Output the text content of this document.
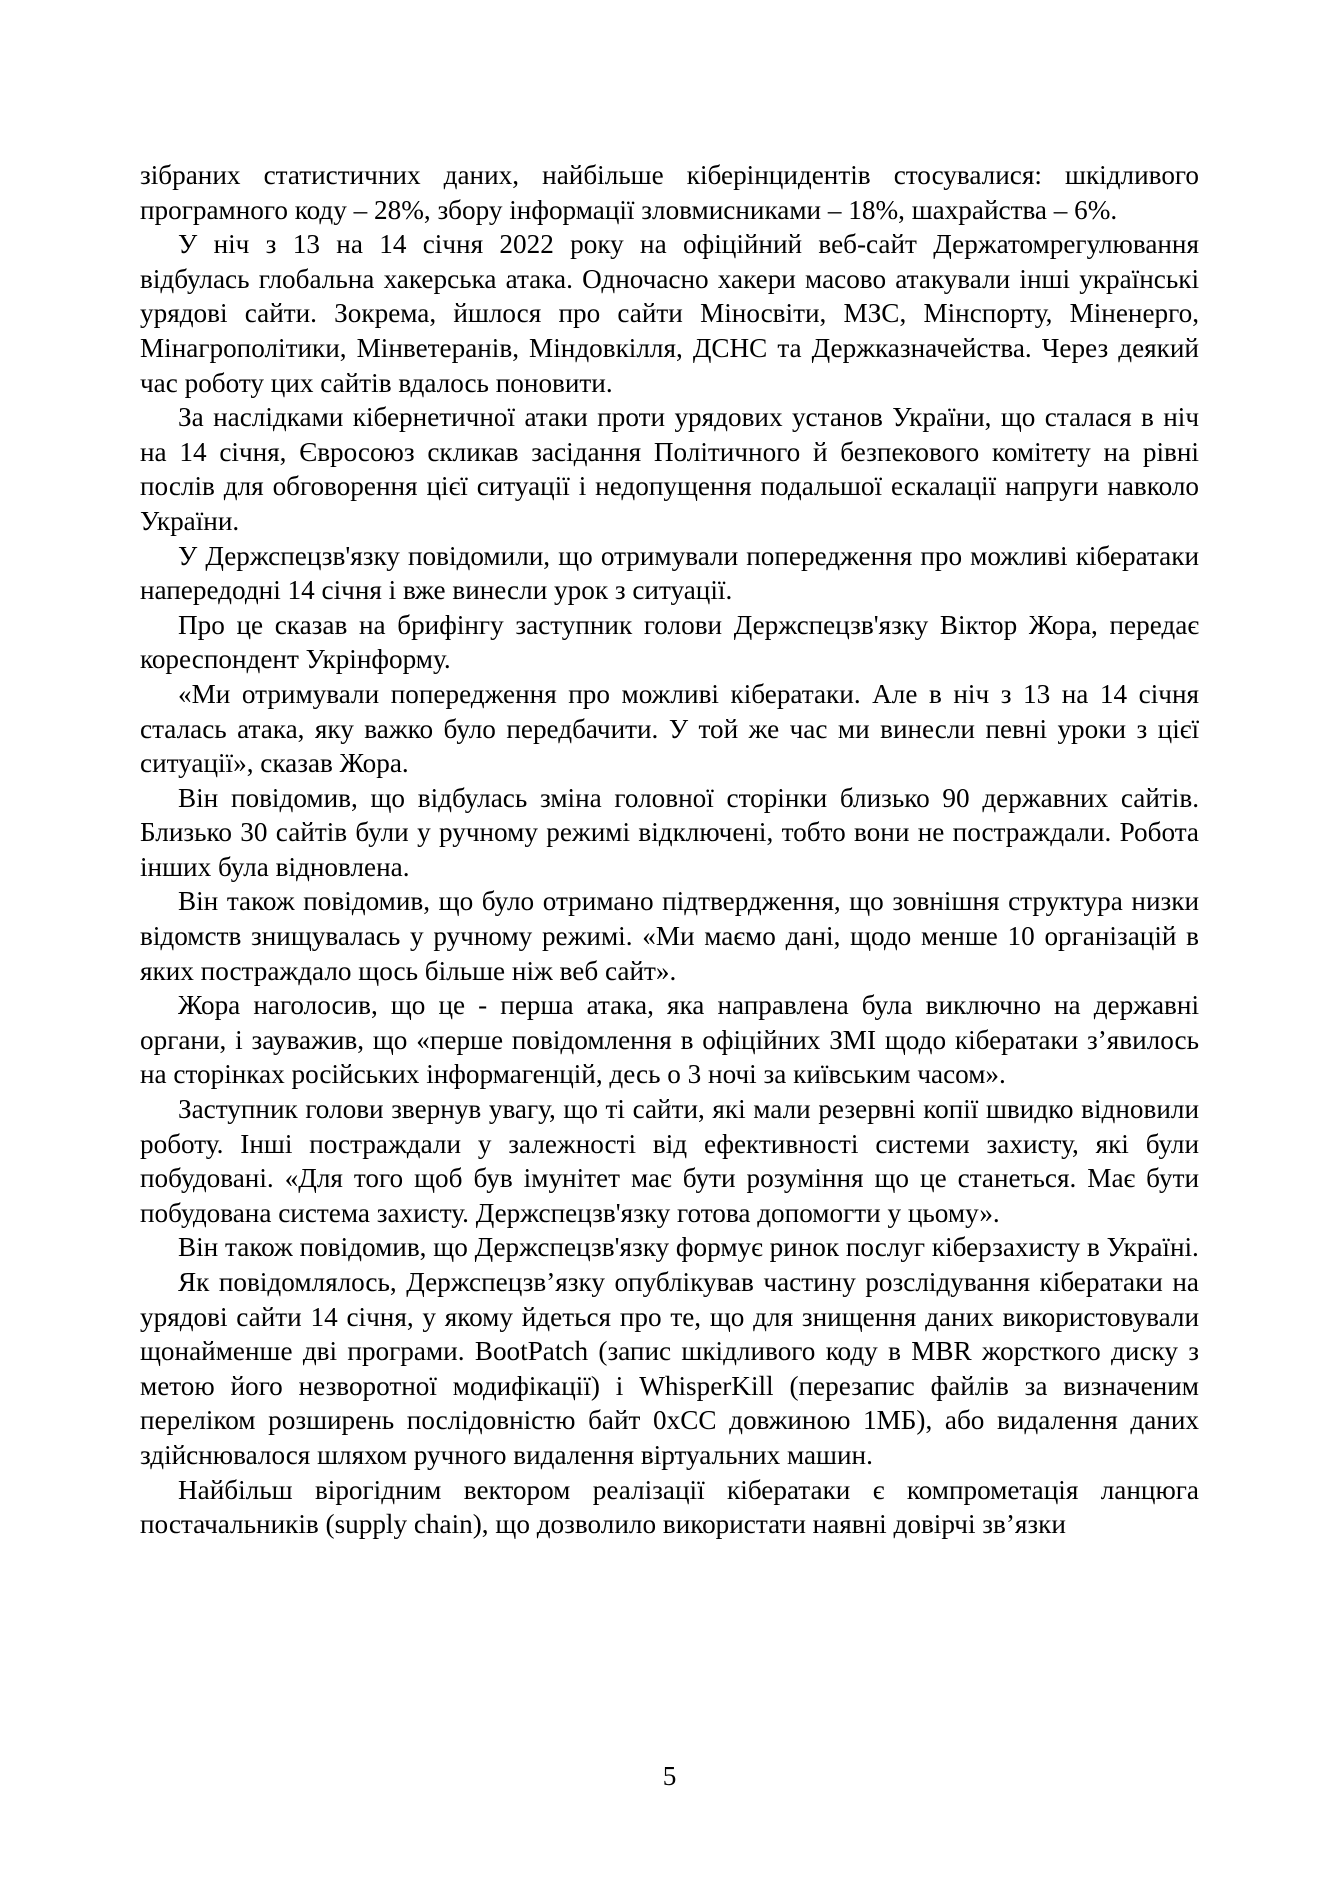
зібраних статистичних даних, найбільше кіберінцидентів стосувалися: шкідливого програмного коду – 28%, збору інформації зловмисниками – 18%, шахрайства – 6%.

У ніч з 13 на 14 січня 2022 року на офіційний веб-сайт Держатомрегулювання відбулась глобальна хакерська атака. Одночасно хакери масово атакували інші українські урядові сайти. Зокрема, йшлося про сайти Міносвіти, МЗС, Мінспорту, Міненерго, Мінагрополітики, Мінветеранів, Міндовкілля, ДСНС та Держказначейства. Через деякий час роботу цих сайтів вдалось поновити.

За наслідками кібернетичної атаки проти урядових установ України, що сталася в ніч на 14 січня, Євросоюз скликав засідання Політичного й безпекового комітету на рівні послів для обговорення цієї ситуації і недопущення подальшої ескалації напруги навколо України.

У Держспецзв'язку повідомили, що отримували попередження про можливі кібератаки напередодні 14 січня і вже винесли урок з ситуації.

Про це сказав на брифінгу заступник голови Держспецзв'язку Віктор Жора, передає кореспондент Укрінформу.

«Ми отримували попередження про можливі кібератаки. Але в ніч з 13 на 14 січня сталась атака, яку важко було передбачити. У той же час ми винесли певні уроки з цієї ситуації», сказав Жора.

Він повідомив, що відбулась зміна головної сторінки близько 90 державних сайтів. Близько 30 сайтів були у ручному режимі відключені, тобто вони не постраждали. Робота інших була відновлена.

Він також повідомив, що було отримано підтвердження, що зовнішня структура низки відомств знищувалась у ручному режимі. «Ми маємо дані, щодо менше 10 організацій в яких постраждало щось більше ніж веб сайт».

Жора наголосив, що це - перша атака, яка направлена була виключно на державні органи, і зауважив, що «перше повідомлення в офіційних ЗМІ щодо кібератаки з’явилось на сторінках російських інформагенцій, десь о 3 ночі за київським часом».

Заступник голови звернув увагу, що ті сайти, які мали резервні копії швидко відновили роботу. Інші постраждали у залежності від ефективності системи захисту, які були побудовані. «Для того щоб був імунітет має бути розуміння що це станеться. Має бути побудована система захисту. Держспецзв'язку готова допомогти у цьому».

Він також повідомив, що Держспецзв'язку формує ринок послуг кіберзахисту в Україні.

Як повідомлялось, Держспецзв’язку опублікував частину розслідування кібератаки на урядові сайти 14 січня, у якому йдеться про те, що для знищення даних використовували щонайменше дві програми. BootPatch (запис шкідливого коду в MBR жорсткого диску з метою його незворотної модифікації) і WhisperKill (перезапис файлів за визначеним переліком розширень послідовністю байт 0xCC довжиною 1МБ), або видалення даних здійснювалося шляхом ручного видалення віртуальних машин.

Найбільш вірогідним вектором реалізації кібератаки є компрометація ланцюга постачальників (supply chain), що дозволило використати наявні довірчі зв’язки

5
